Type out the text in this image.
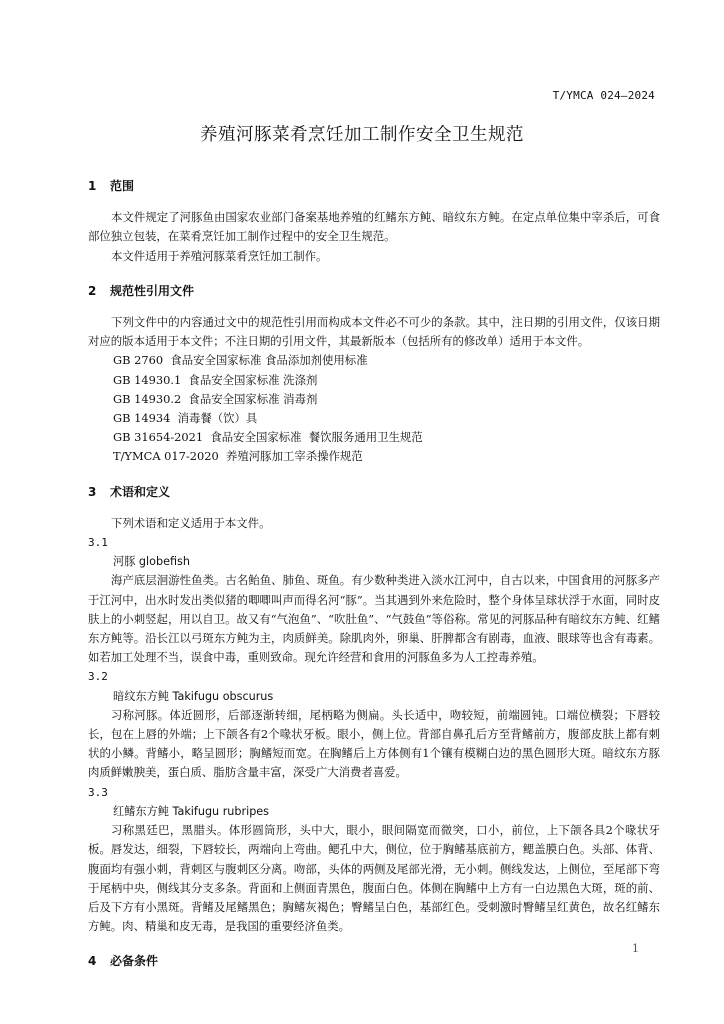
T/YMCA 024—2024
养殖河豚菜肴烹饪加工制作安全卫生规范
1 范围

本文件规定了河豚鱼由国家农业部门备案基地养殖的红鳍东方鲀、暗纹东方鲀。在定点单位集中宰杀后，可食部位独立包装，在菜肴烹饪加工制作过程中的安全卫生规范。

本文件适用于养殖河豚菜肴烹饪加工制作。

2 规范性引用文件

下列文件中的内容通过文中的规范性引用而构成本文件必不可少的条款。其中，注日期的引用文件，仅该日期对应的版本适用于本文件；不注日期的引用文件，其最新版本（包括所有的修改单）适用于本文件。

GB 2760  食品安全国家标准 食品添加剂使用标准

GB 14930.1  食品安全国家标准 洗涤剂

GB 14930.2  食品安全国家标准 消毒剂

GB 14934  消毒餐（饮）具

GB 31654-2021  食品安全国家标准  餐饮服务通用卫生规范

T/YMCA 017-2020  养殖河豚加工宰杀操作规范

3 术语和定义

下列术语和定义适用于本文件。

3.1

河豚 globefish

海产底层洄游性鱼类。古名鲐鱼、肺鱼、斑鱼。有少数种类进入淡水江河中，自古以来，中国食用的河豚多产于江河中，出水时发出类似猪的唧唧叫声而得名河“豚”。当其遇到外来危险时，整个身体呈球状浮于水面，同时皮肤上的小刺竖起，用以自卫。故又有“气泡鱼”、“吹肚鱼”、“气鼓鱼”等俗称。常见的河豚品种有暗纹东方鲀、红鳍东方鲀等。沿长江以弓斑东方鲀为主，肉质鲜美。除肌肉外，卵巢、肝脾都含有剧毒，血液、眼球等也含有毒素。如若加工处理不当，误食中毒，重则致命。现允许经营和食用的河豚鱼多为人工控毒养殖。

3.2

暗纹东方鲀 Takifugu obscurus

习称河豚。体近圆形，后部逐渐转细，尾柄略为侧扁。头长适中，吻较短，前端圆钝。口端位横裂；下唇较长，包在上唇的外端；上下颌各有2个喙状牙板。眼小，侧上位。背部自鼻孔后方至背鳍前方，腹部皮肤上都有刺状的小鳞。背鳍小，略呈圆形；胸鳍短而宽。在胸鳍后上方体侧有1个镶有模糊白边的黑色圆形大斑。暗纹东方豚肉质鲜嫩腴美，蛋白质、脂肪含量丰富，深受广大消费者喜爱。

3.3

红鳍东方鲀 Takifugu rubripes

习称黑廷巴，黑腊头。体形圆筒形，头中大，眼小，眼间隔宽而微突，口小，前位，上下颌各具2个喙状牙板。唇发达，细裂，下唇较长，两端向上弯曲。鳃孔中大，侧位，位于胸鳍基底前方，鳃盖膜白色。头部、体背、腹面均有强小刺，背刺区与腹刺区分离。吻部，头体的两侧及尾部光滑，无小刺。侧线发达，上侧位，至尾部下弯于尾柄中央，侧线其分支多条。背面和上侧面青黑色，腹面白色。体侧在胸鳍中上方有一白边黑色大斑，斑的前、后及下方有小黑斑。背鳍及尾鳍黑色；胸鳍灰褐色；臀鳍呈白色，基部红色。受刺激时臀鳍呈红黄色，故名红鳍东方鲀。肉、精巢和皮无毒，是我国的重要经济鱼类。

4 必备条件
1
